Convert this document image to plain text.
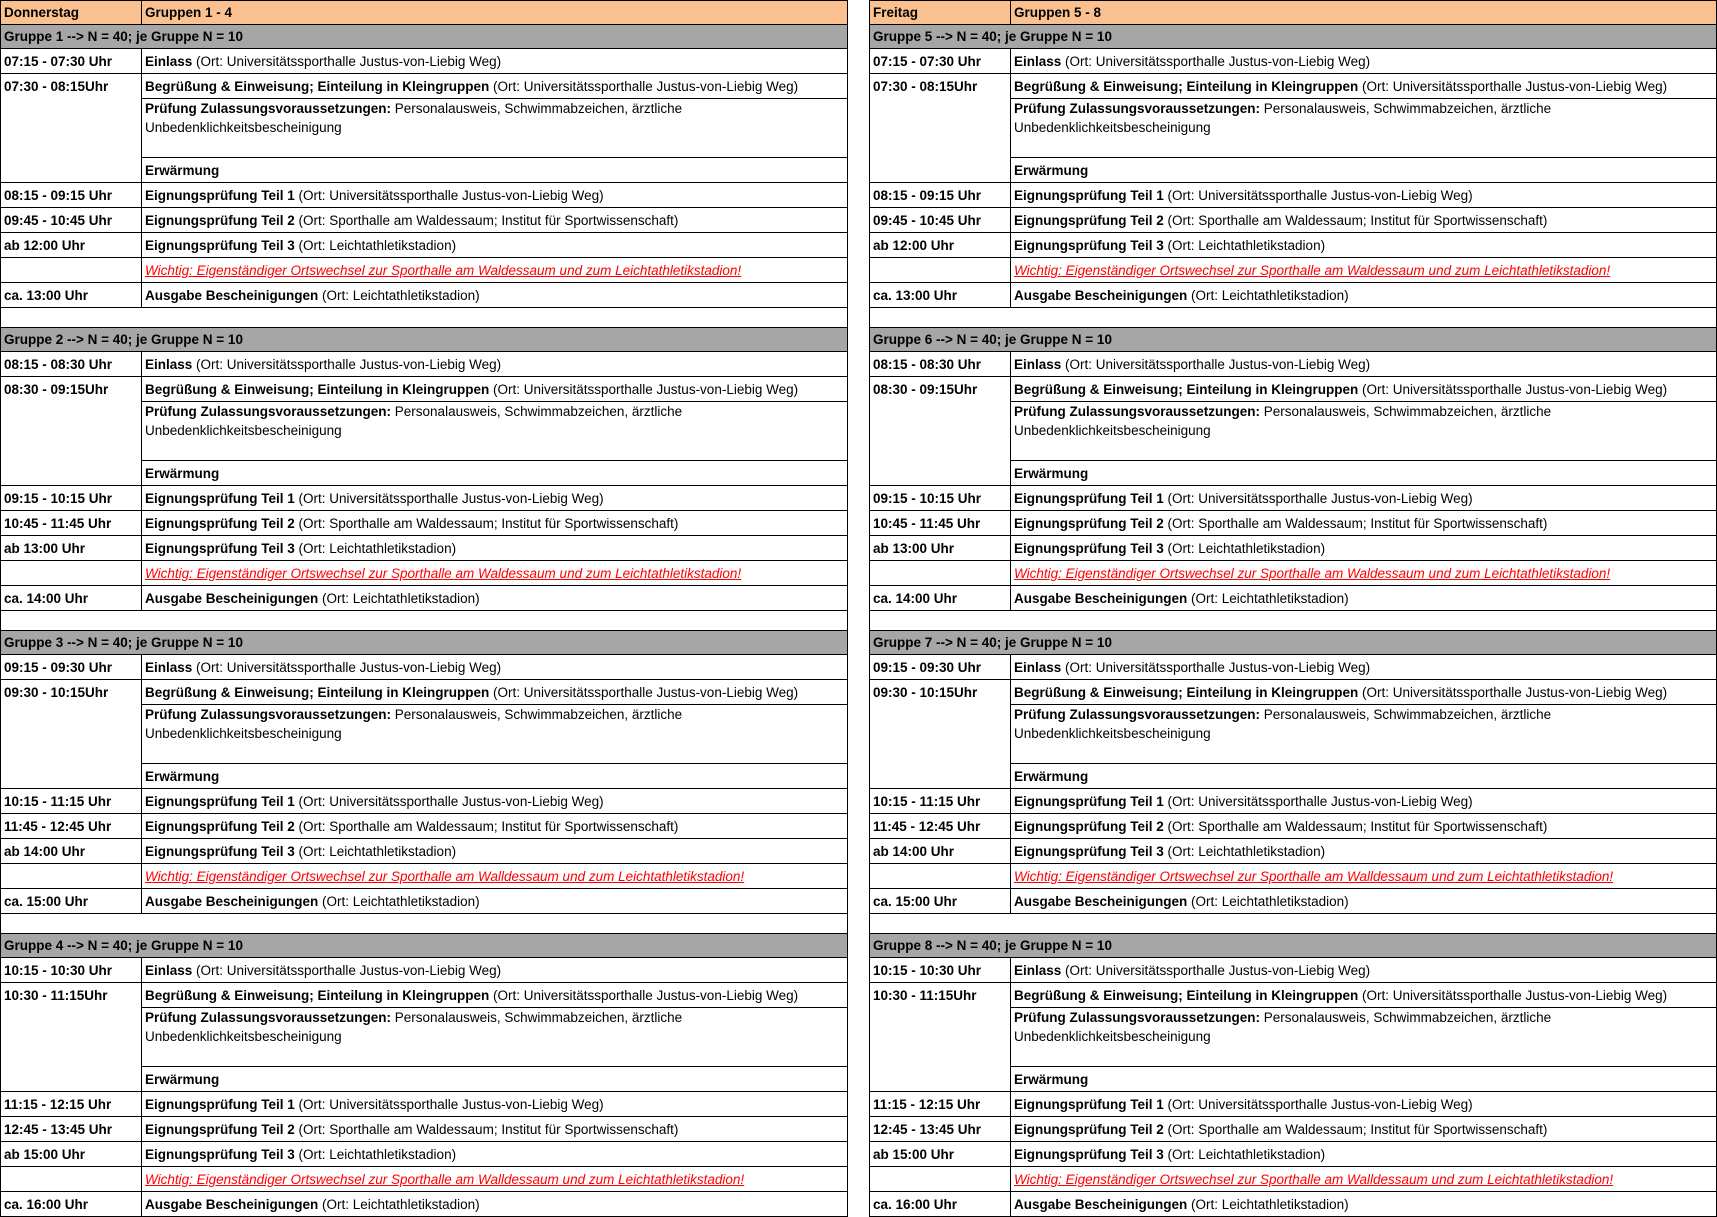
Donnerstag	Gruppen 1 - 4
Gruppe 1 --> N = 40; je Gruppe N = 10	
07:15 - 07:30 Uhr	Einlass (Ort: Universitätssporthalle Justus-von-Liebig Weg)
07:30 - 08:15Uhr	Begrüßung & Einweisung; Einteilung in Kleingruppen (Ort: Universitätssporthalle Justus-von-Liebig Weg)
	Prüfung Zulassungsvoraussetzungen: Personalausweis, Schwimmabzeichen, ärztliche Unbedenklichkeitsbescheinigung
	Erwärmung
08:15 - 09:15 Uhr	Eignungsprüfung Teil 1 (Ort: Universitätssporthalle Justus-von-Liebig Weg)
09:45 - 10:45 Uhr	Eignungsprüfung Teil 2 (Ort: Sporthalle am Waldessaum; Institut für Sportwissenschaft)
ab 12:00 Uhr	Eignungsprüfung Teil 3 (Ort: Leichtathletikstadion)
	Wichtig: Eigenständiger Ortswechsel zur Sporthalle am Waldessaum und zum Leichtathletikstadion!
ca. 13:00 Uhr	Ausgabe Bescheinigungen (Ort: Leichtathletikstadion)

Gruppe 2 --> N = 40; je Gruppe N = 10	
08:15 - 08:30 Uhr	Einlass (Ort: Universitätssporthalle Justus-von-Liebig Weg)
08:30 - 09:15Uhr	Begrüßung & Einweisung; Einteilung in Kleingruppen (Ort: Universitätssporthalle Justus-von-Liebig Weg)
	Prüfung Zulassungsvoraussetzungen: Personalausweis, Schwimmabzeichen, ärztliche Unbedenklichkeitsbescheinigung
	Erwärmung
09:15 - 10:15 Uhr	Eignungsprüfung Teil 1 (Ort: Universitätssporthalle Justus-von-Liebig Weg)
10:45 - 11:45 Uhr	Eignungsprüfung Teil 2 (Ort: Sporthalle am Waldessaum; Institut für Sportwissenschaft)
ab 13:00 Uhr	Eignungsprüfung Teil 3 (Ort: Leichtathletikstadion)
	Wichtig: Eigenständiger Ortswechsel zur Sporthalle am Waldessaum und zum Leichtathletikstadion!
ca. 14:00 Uhr	Ausgabe Bescheinigungen (Ort: Leichtathletikstadion)

Gruppe 3 --> N = 40; je Gruppe N = 10	
09:15 - 09:30 Uhr	Einlass (Ort: Universitätssporthalle Justus-von-Liebig Weg)
09:30 - 10:15Uhr	Begrüßung & Einweisung; Einteilung in Kleingruppen (Ort: Universitätssporthalle Justus-von-Liebig Weg)
	Prüfung Zulassungsvoraussetzungen: Personalausweis, Schwimmabzeichen, ärztliche Unbedenklichkeitsbescheinigung
	Erwärmung
10:15 - 11:15 Uhr	Eignungsprüfung Teil 1 (Ort: Universitätssporthalle Justus-von-Liebig Weg)
11:45 - 12:45 Uhr	Eignungsprüfung Teil 2 (Ort: Sporthalle am Waldessaum; Institut für Sportwissenschaft)
ab 14:00 Uhr	Eignungsprüfung Teil 3 (Ort: Leichtathletikstadion)
	Wichtig: Eigenständiger Ortswechsel zur Sporthalle am Walldessaum und zum Leichtathletikstadion!
ca. 15:00 Uhr	Ausgabe Bescheinigungen (Ort: Leichtathletikstadion)

Gruppe 4 --> N = 40; je Gruppe N = 10	
10:15 - 10:30 Uhr	Einlass (Ort: Universitätssporthalle Justus-von-Liebig Weg)
10:30 - 11:15Uhr	Begrüßung & Einweisung; Einteilung in Kleingruppen (Ort: Universitätssporthalle Justus-von-Liebig Weg)
	Prüfung Zulassungsvoraussetzungen: Personalausweis, Schwimmabzeichen, ärztliche Unbedenklichkeitsbescheinigung
	Erwärmung
11:15 - 12:15 Uhr	Eignungsprüfung Teil 1 (Ort: Universitätssporthalle Justus-von-Liebig Weg)
12:45 - 13:45 Uhr	Eignungsprüfung Teil 2 (Ort: Sporthalle am Waldessaum; Institut für Sportwissenschaft)
ab 15:00 Uhr	Eignungsprüfung Teil 3 (Ort: Leichtathletikstadion)
	Wichtig: Eigenständiger Ortswechsel zur Sporthalle am Walldessaum und zum Leichtathletikstadion!
ca. 16:00 Uhr	Ausgabe Bescheinigungen (Ort: Leichtathletikstadion)
Freitag	Gruppen 5 - 8
Gruppe 5 --> N = 40; je Gruppe N = 10	
07:15 - 07:30 Uhr	Einlass (Ort: Universitätssporthalle Justus-von-Liebig Weg)
07:30 - 08:15Uhr	Begrüßung & Einweisung; Einteilung in Kleingruppen (Ort: Universitätssporthalle Justus-von-Liebig Weg)
	Prüfung Zulassungsvoraussetzungen: Personalausweis, Schwimmabzeichen, ärztliche Unbedenklichkeitsbescheinigung
	Erwärmung
08:15 - 09:15 Uhr	Eignungsprüfung Teil 1 (Ort: Universitätssporthalle Justus-von-Liebig Weg)
09:45 - 10:45 Uhr	Eignungsprüfung Teil 2 (Ort: Sporthalle am Waldessaum; Institut für Sportwissenschaft)
ab 12:00 Uhr	Eignungsprüfung Teil 3 (Ort: Leichtathletikstadion)
	Wichtig: Eigenständiger Ortswechsel zur Sporthalle am Waldessaum und zum Leichtathletikstadion!
ca. 13:00 Uhr	Ausgabe Bescheinigungen (Ort: Leichtathletikstadion)

Gruppe 6 --> N = 40; je Gruppe N = 10	
08:15 - 08:30 Uhr	Einlass (Ort: Universitätssporthalle Justus-von-Liebig Weg)
08:30 - 09:15Uhr	Begrüßung & Einweisung; Einteilung in Kleingruppen (Ort: Universitätssporthalle Justus-von-Liebig Weg)
	Prüfung Zulassungsvoraussetzungen: Personalausweis, Schwimmabzeichen, ärztliche Unbedenklichkeitsbescheinigung
	Erwärmung
09:15 - 10:15 Uhr	Eignungsprüfung Teil 1 (Ort: Universitätssporthalle Justus-von-Liebig Weg)
10:45 - 11:45 Uhr	Eignungsprüfung Teil 2 (Ort: Sporthalle am Waldessaum; Institut für Sportwissenschaft)
ab 13:00 Uhr	Eignungsprüfung Teil 3 (Ort: Leichtathletikstadion)
	Wichtig: Eigenständiger Ortswechsel zur Sporthalle am Waldessaum und zum Leichtathletikstadion!
ca. 14:00 Uhr	Ausgabe Bescheinigungen (Ort: Leichtathletikstadion)

Gruppe 7 --> N = 40; je Gruppe N = 10	
09:15 - 09:30 Uhr	Einlass (Ort: Universitätssporthalle Justus-von-Liebig Weg)
09:30 - 10:15Uhr	Begrüßung & Einweisung; Einteilung in Kleingruppen (Ort: Universitätssporthalle Justus-von-Liebig Weg)
	Prüfung Zulassungsvoraussetzungen: Personalausweis, Schwimmabzeichen, ärztliche Unbedenklichkeitsbescheinigung
	Erwärmung
10:15 - 11:15 Uhr	Eignungsprüfung Teil 1 (Ort: Universitätssporthalle Justus-von-Liebig Weg)
11:45 - 12:45 Uhr	Eignungsprüfung Teil 2 (Ort: Sporthalle am Waldessaum; Institut für Sportwissenschaft)
ab 14:00 Uhr	Eignungsprüfung Teil 3 (Ort: Leichtathletikstadion)
	Wichtig: Eigenständiger Ortswechsel zur Sporthalle am Walldessaum und zum Leichtathletikstadion!
ca. 15:00 Uhr	Ausgabe Bescheinigungen (Ort: Leichtathletikstadion)

Gruppe 8 --> N = 40; je Gruppe N = 10	
10:15 - 10:30 Uhr	Einlass (Ort: Universitätssporthalle Justus-von-Liebig Weg)
10:30 - 11:15Uhr	Begrüßung & Einweisung; Einteilung in Kleingruppen (Ort: Universitätssporthalle Justus-von-Liebig Weg)
	Prüfung Zulassungsvoraussetzungen: Personalausweis, Schwimmabzeichen, ärztliche Unbedenklichkeitsbescheinigung
	Erwärmung
11:15 - 12:15 Uhr	Eignungsprüfung Teil 1 (Ort: Universitätssporthalle Justus-von-Liebig Weg)
12:45 - 13:45 Uhr	Eignungsprüfung Teil 2 (Ort: Sporthalle am Waldessaum; Institut für Sportwissenschaft)
ab 15:00 Uhr	Eignungsprüfung Teil 3 (Ort: Leichtathletikstadion)
	Wichtig: Eigenständiger Ortswechsel zur Sporthalle am Walldessaum und zum Leichtathletikstadion!
ca. 16:00 Uhr	Ausgabe Bescheinigungen (Ort: Leichtathletikstadion)
